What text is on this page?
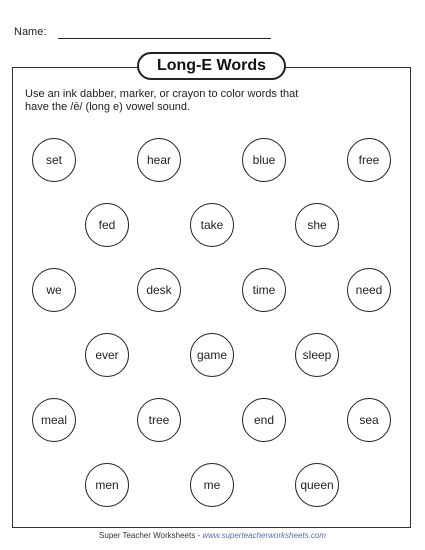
Name:
Long-E Words
Use an ink dabber, marker, or crayon to color words that
have the /ē/ (long e) vowel sound.
set	hear	blue	free
fed	take	she
we	desk	time	need
ever	game	sleep
meal	tree	end	sea
men	me	queen
Super Teacher Worksheets - www.superteacherworksheets.com
